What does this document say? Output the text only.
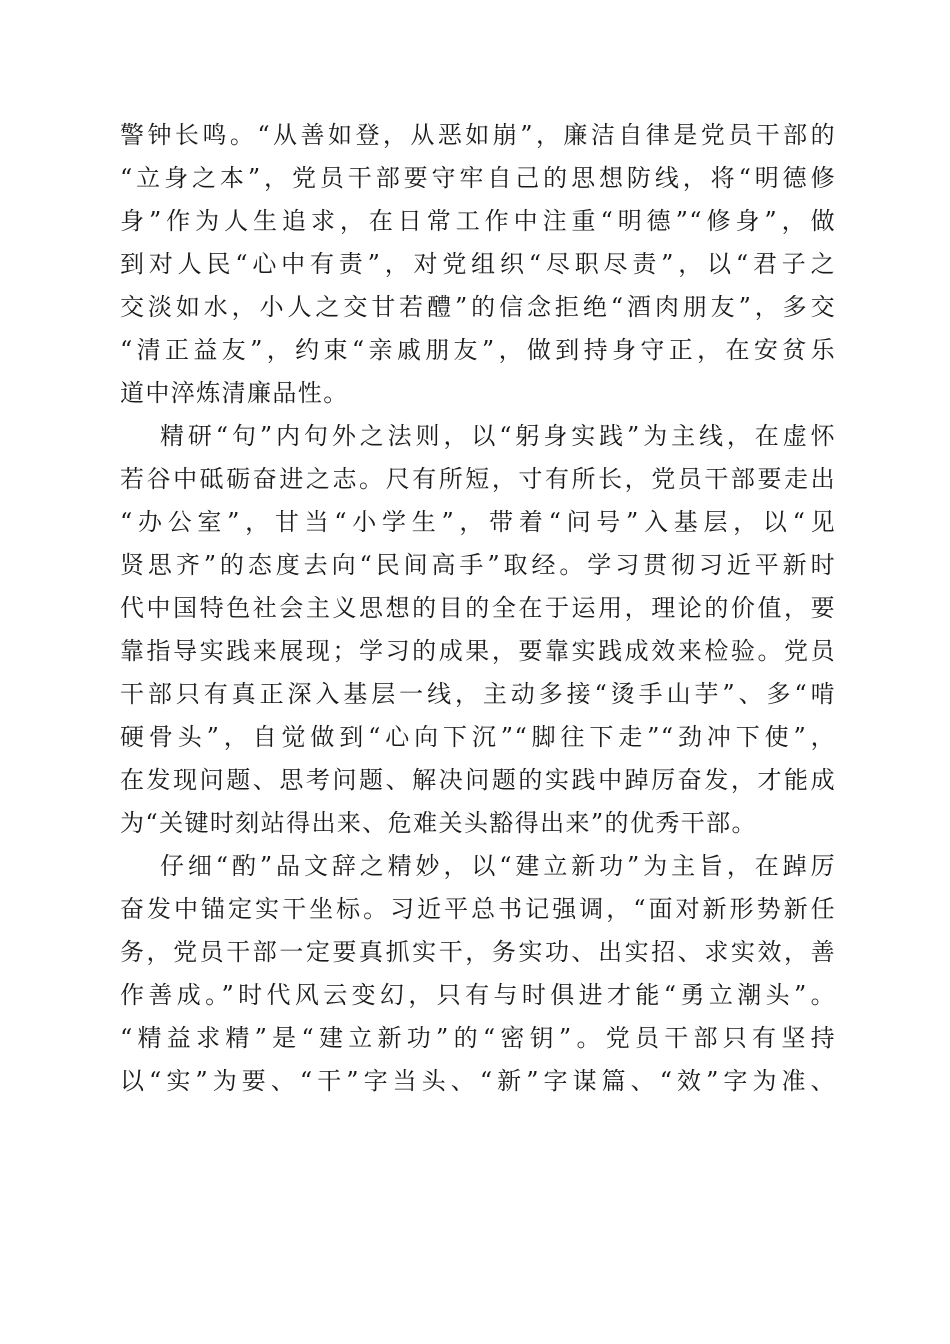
警钟长鸣。“从善如登，从恶如崩”，廉洁自律是党员干部的
“立身之本”，党员干部要守牢自己的思想防线，将“明德修
身”作为人生追求，在日常工作中注重“明德”“修身”，做
到对人民“心中有责”，对党组织“尽职尽责”，以“君子之
交淡如水，小人之交甘若醴”的信念拒绝“酒肉朋友”，多交
“清正益友”，约束“亲戚朋友”，做到持身守正，在安贫乐
道中淬炼清廉品性。
精研“句”内句外之法则，以“躬身实践”为主线，在虚怀
若谷中砥砺奋进之志。尺有所短，寸有所长，党员干部要走出
“办公室”，甘当“小学生”，带着“问号”入基层，以“见
贤思齐”的态度去向“民间高手”取经。学习贯彻习近平新时
代中国特色社会主义思想的目的全在于运用，理论的价值，要
靠指导实践来展现；学习的成果，要靠实践成效来检验。党员
干部只有真正深入基层一线，主动多接“烫手山芋”、多“啃
硬骨头”，自觉做到“心向下沉”“脚往下走”“劲冲下使”，
在发现问题、思考问题、解决问题的实践中踔厉奋发，才能成
为“关键时刻站得出来、危难关头豁得出来”的优秀干部。
仔细“酌”品文辞之精妙，以“建立新功”为主旨，在踔厉
奋发中锚定实干坐标。习近平总书记强调，“面对新形势新任
务，党员干部一定要真抓实干，务实功、出实招、求实效，善
作善成。”时代风云变幻，只有与时俱进才能“勇立潮头”。
“精益求精”是“建立新功”的“密钥”。党员干部只有坚持
以“实”为要、“干”字当头、“新”字谋篇、“效”字为准、
